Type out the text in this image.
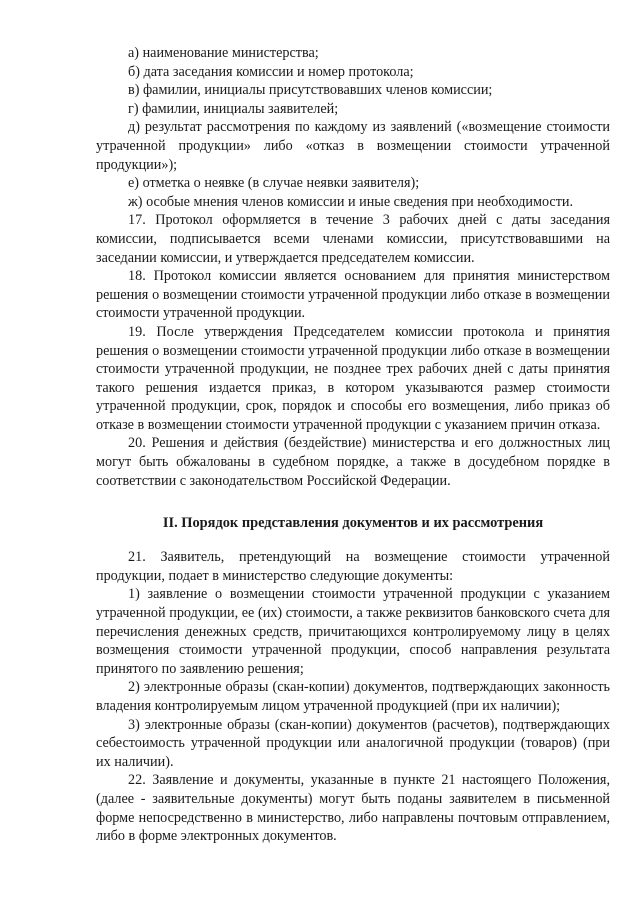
а) наименование министерства;

б) дата заседания комиссии и номер протокола;

в) фамилии, инициалы присутствовавших членов комиссии;

г) фамилии, инициалы заявителей;

д) результат рассмотрения по каждому из заявлений («возмещение стоимости утраченной продукции» либо «отказ в возмещении стоимости утраченной продукции»);

е) отметка о неявке (в случае неявки заявителя);

ж) особые мнения членов комиссии и иные сведения при необходимости.

17. Протокол оформляется в течение 3 рабочих дней с даты заседания комиссии, подписывается всеми членами комиссии, присутствовавшими на заседании комиссии, и утверждается председателем комиссии.

18. Протокол комиссии является основанием для принятия министерством решения о возмещении стоимости утраченной продукции либо отказе в возмещении стоимости утраченной продукции.

19. После утверждения Председателем комиссии протокола и принятия решения о возмещении стоимости утраченной продукции либо отказе в возмещении стоимости утраченной продукции, не позднее трех рабочих дней с даты принятия такого решения издается приказ, в котором указываются размер стоимости утраченной продукции, срок, порядок и способы его возмещения, либо приказ об отказе в возмещении стоимости утраченной продукции с указанием причин отказа.

20. Решения и действия (бездействие) министерства и его должностных лиц могут быть обжалованы в судебном порядке, а также в досудебном порядке в соответствии с законодательством Российской Федерации.

II. Порядок представления документов и их рассмотрения

21. Заявитель, претендующий на возмещение стоимости утраченной продукции, подает в министерство следующие документы:

1) заявление о возмещении стоимости утраченной продукции с указанием утраченной продукции, ее (их) стоимости, а также реквизитов банковского счета для перечисления денежных средств, причитающихся контролируемому лицу в целях возмещения стоимости утраченной продукции, способ направления результата принятого по заявлению решения;

2) электронные образы (скан-копии) документов, подтверждающих законность владения контролируемым лицом утраченной продукцией (при их наличии);

3) электронные образы (скан-копии) документов (расчетов), подтверждающих себестоимость утраченной продукции или аналогичной продукции (товаров) (при их наличии).

22. Заявление и документы, указанные в пункте 21 настоящего Положения, (далее - заявительные документы) могут быть поданы заявителем в письменной форме непосредственно в министерство, либо направлены почтовым отправлением, либо в форме электронных документов.
